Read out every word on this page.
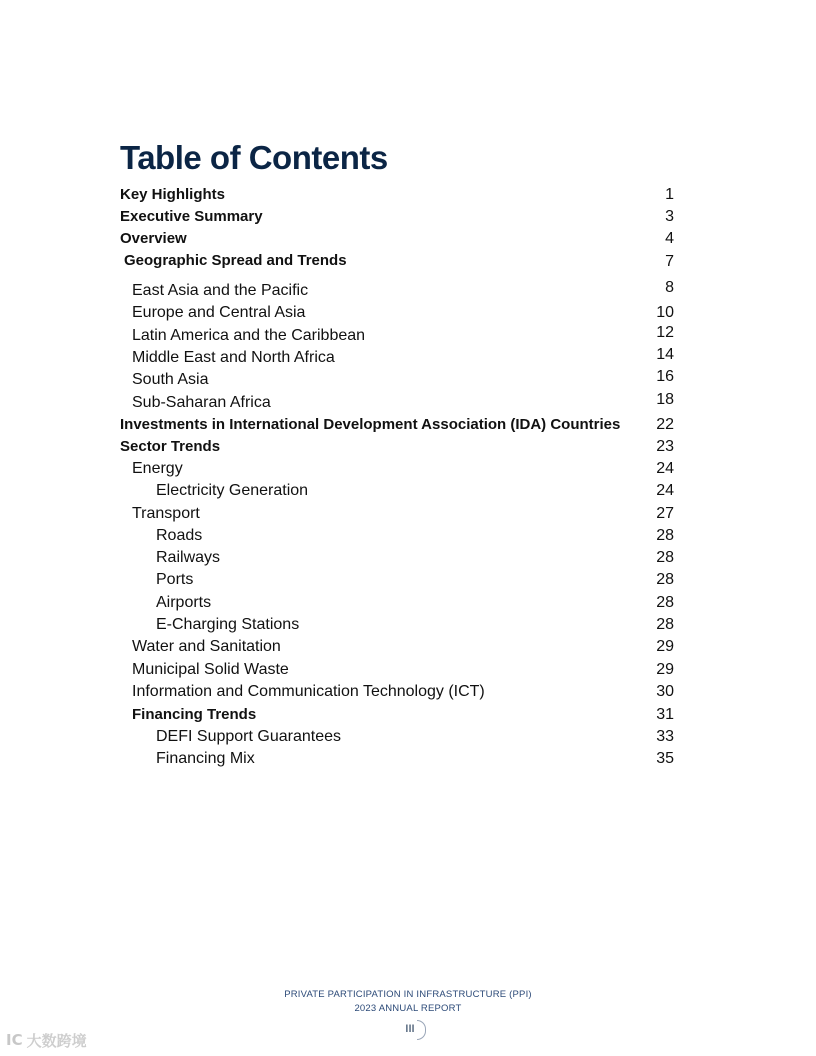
Table of Contents
Key Highlights	1
Executive Summary	3
Overview	4
Geographic Spread and Trends	7
East Asia and the Pacific	8
Europe and Central Asia	10
Latin America and the Caribbean	12
Middle East and North Africa	14
South Asia	16
Sub-Saharan Africa	18
Investments in International Development Association (IDA) Countries 22
Sector Trends	23
Energy	24
Electricity Generation	24
Transport	27
Roads	28
Railways	28
Ports	28
Airports	28
E-Charging Stations	28
Water and Sanitation	29
Municipal Solid Waste	29
Information and Communication Technology (ICT)	30
Financing Trends	31
DEFI Support Guarantees	33
Financing Mix	35
PRIVATE PARTICIPATION IN INFRASTRUCTURE (PPI)
2023 ANNUAL REPORT
III
IC 大数跨境
